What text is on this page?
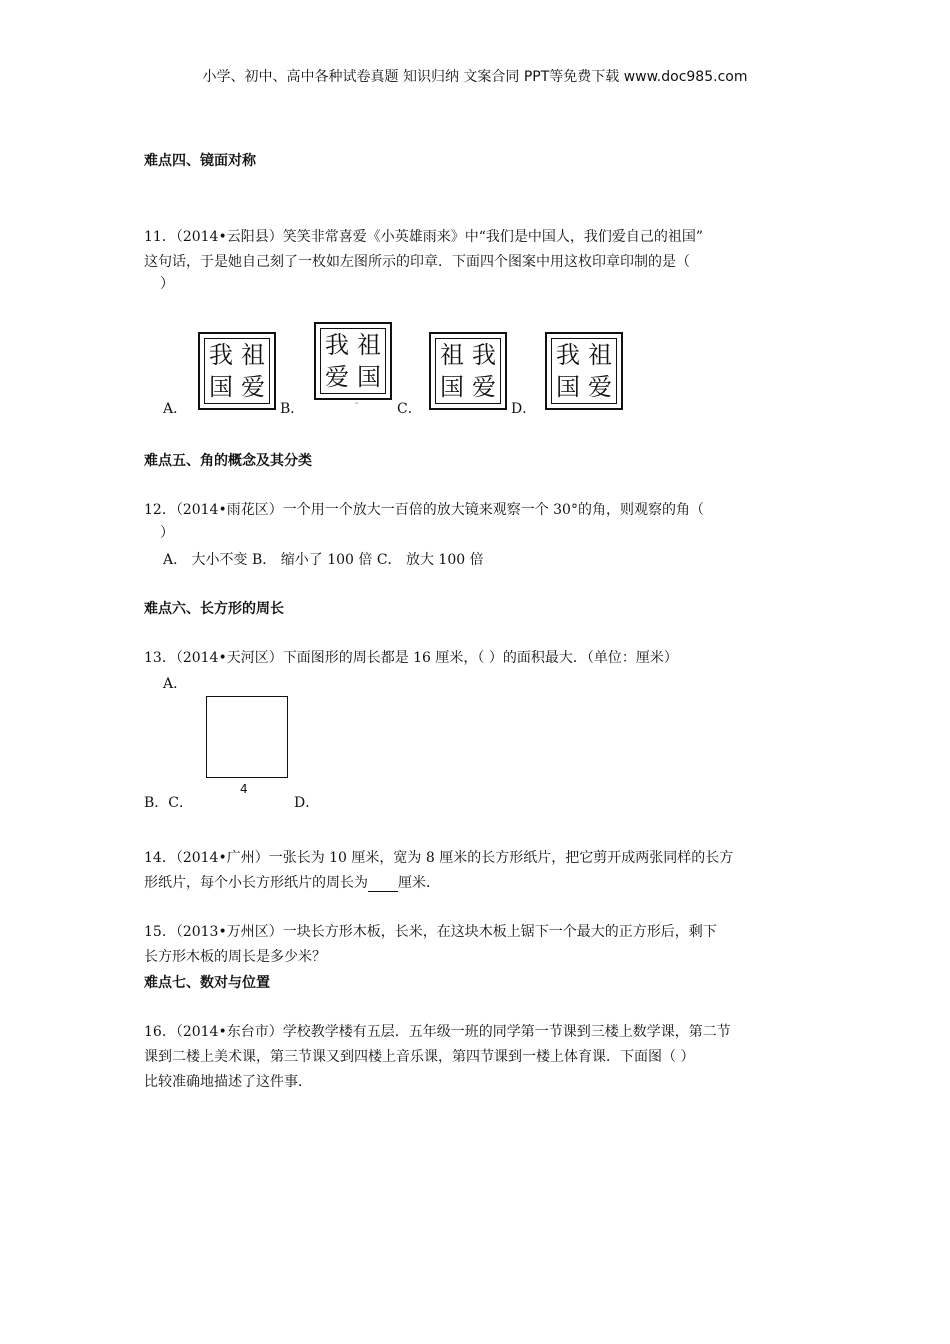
小学、初中、高中各种试卷真题 知识归纳 文案合同 PPT等免费下载 www.doc985.com
难点四、镜面对称
11．（2014•云阳县）笑笑非常喜爱《小英雄雨来》中“我们是中国人，我们爱自己的祖国”
这句话，于是她自己刻了一枚如左图所示的印章．下面四个图案中用这枚印章印制的是（
）
A．
我 祖
国 爱
B．
我 祖
爱 国
-	C．
祖 我
国 爱
D．
我 祖
国 爱
难点五、角的概念及其分类
12．（2014•雨花区）一个用一个放大一百倍的放大镜来观察一个 30°的角，则观察的角（
）
A． 大小不变 B． 缩小了 100 倍 C． 放大 100 倍
难点六、长方形的周长
13．（2014•天河区）下面图形的周长都是 16 厘米，（ ）的面积最大．（单位：厘米）
A．
4
B．C．	D．
14．（2014•广州）一张长为 10 厘米，宽为 8 厘米的长方形纸片，把它剪开成两张同样的长方
形纸片，每个小长方形纸片的周长为 厘米．
15．（2013•万州区）一块长方形木板，长米，在这块木板上锯下一个最大的正方形后，剩下
长方形木板的周长是多少米？
难点七、数对与位置
16．（2014•东台市）学校教学楼有五层．五年级一班的同学第一节课到三楼上数学课，第二节
课到二楼上美术课，第三节课又到四楼上音乐课，第四节课到一楼上体育课．下面图（ ）
比较准确地描述了这件事．
